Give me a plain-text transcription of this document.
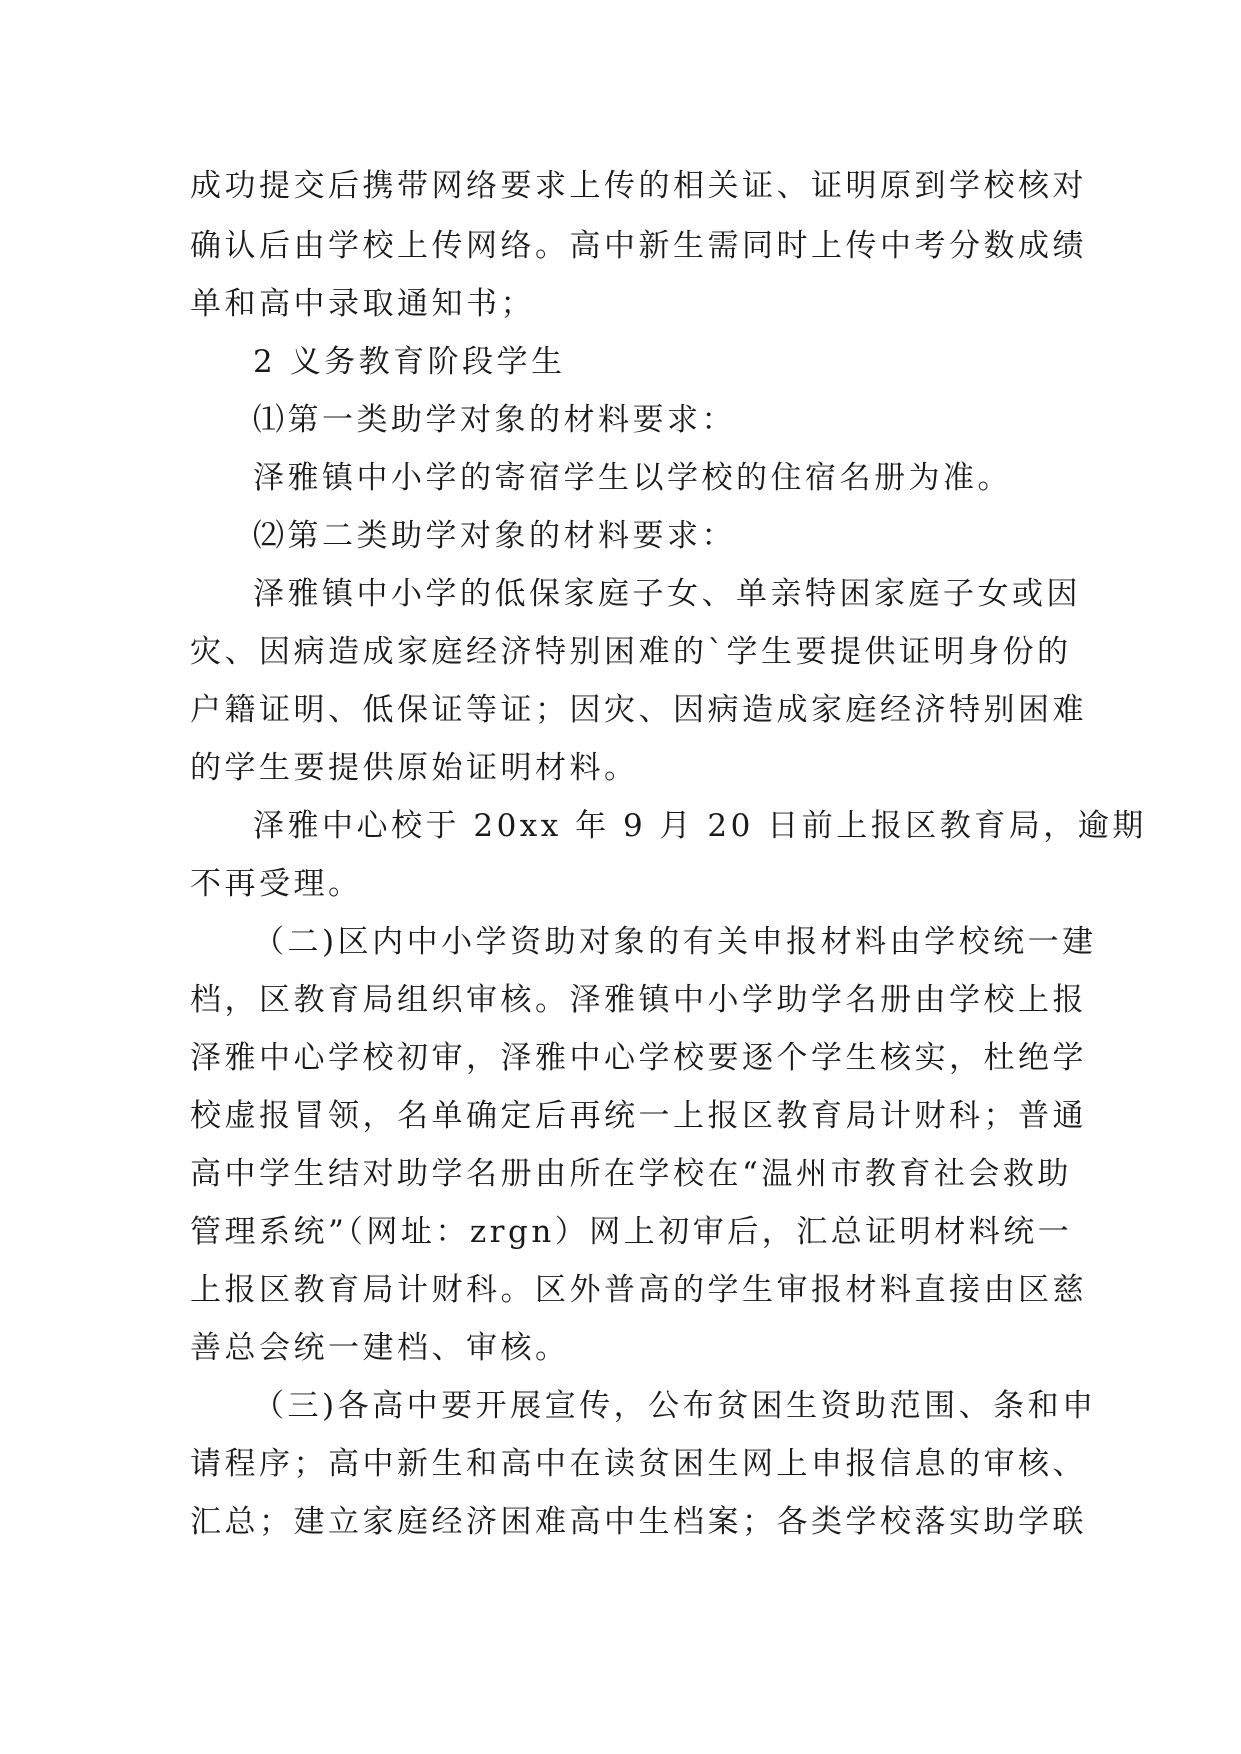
成功提交后携带网络要求上传的相关证、证明原到学校核对

确认后由学校上传网络。高中新生需同时上传中考分数成绩

单和高中录取通知书；

2 义务教育阶段学生

⑴第一类助学对象的材料要求：

泽雅镇中小学的寄宿学生以学校的住宿名册为准。

⑵第二类助学对象的材料要求：

泽雅镇中小学的低保家庭子女、单亲特困家庭子女或因

灾、因病造成家庭经济特别困难的`学生要提供证明身份的

户籍证明、低保证等证；因灾、因病造成家庭经济特别困难

的学生要提供原始证明材料。

泽雅中心校于 20xx 年 9 月 20 日前上报区教育局，逾期

不再受理。

（二)区内中小学资助对象的有关申报材料由学校统一建

档，区教育局组织审核。泽雅镇中小学助学名册由学校上报

泽雅中心学校初审，泽雅中心学校要逐个学生核实，杜绝学

校虚报冒领，名单确定后再统一上报区教育局计财科；普通

高中学生结对助学名册由所在学校在“温州市教育社会救助

管理系统”（网址：zrgn）网上初审后，汇总证明材料统一

上报区教育局计财科。区外普高的学生审报材料直接由区慈

善总会统一建档、审核。

（三)各高中要开展宣传，公布贫困生资助范围、条和申

请程序；高中新生和高中在读贫困生网上申报信息的审核、

汇总；建立家庭经济困难高中生档案；各类学校落实助学联
